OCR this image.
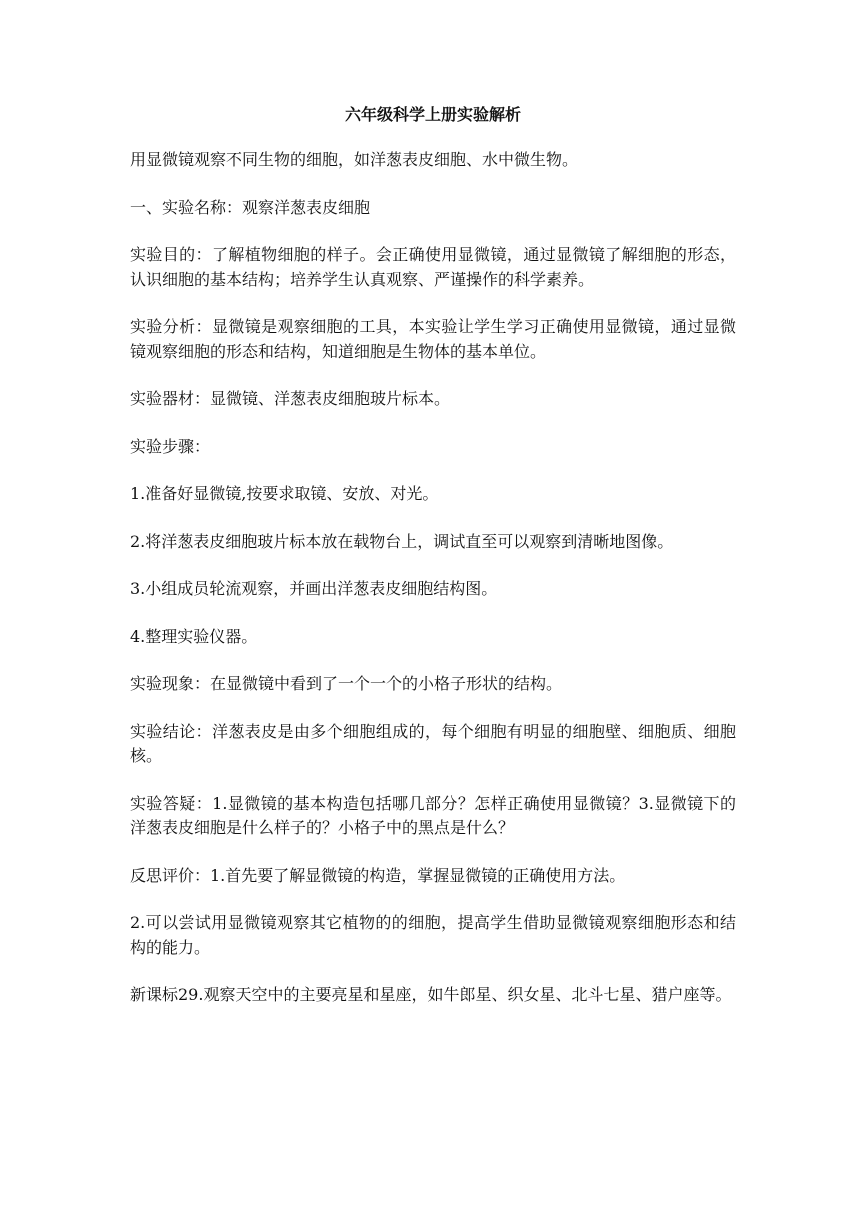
六年级科学上册实验解析

用显微镜观察不同生物的细胞，如洋葱表皮细胞、水中微生物。

一、实验名称：观察洋葱表皮细胞

实验目的：了解植物细胞的样子。会正确使用显微镜，通过显微镜了解细胞的形态，认识细胞的基本结构；培养学生认真观察、严谨操作的科学素养。

实验分析：显微镜是观察细胞的工具，本实验让学生学习正确使用显微镜，通过显微镜观察细胞的形态和结构，知道细胞是生物体的基本单位。

实验器材：显微镜、洋葱表皮细胞玻片标本。

实验步骤：

1.准备好显微镜,按要求取镜、安放、对光。

2.将洋葱表皮细胞玻片标本放在载物台上，调试直至可以观察到清晰地图像。

3.小组成员轮流观察，并画出洋葱表皮细胞结构图。

4.整理实验仪器。

实验现象：在显微镜中看到了一个一个的小格子形状的结构。

实验结论：洋葱表皮是由多个细胞组成的，每个细胞有明显的细胞壁、细胞质、细胞核。

实验答疑：1.显微镜的基本构造包括哪几部分？怎样正确使用显微镜？3.显微镜下的洋葱表皮细胞是什么样子的？小格子中的黑点是什么？

反思评价：1.首先要了解显微镜的构造，掌握显微镜的正确使用方法。

2.可以尝试用显微镜观察其它植物的的细胞，提高学生借助显微镜观察细胞形态和结构的能力。

新课标29.观察天空中的主要亮星和星座，如牛郎星、织女星、北斗七星、猎户座等。
